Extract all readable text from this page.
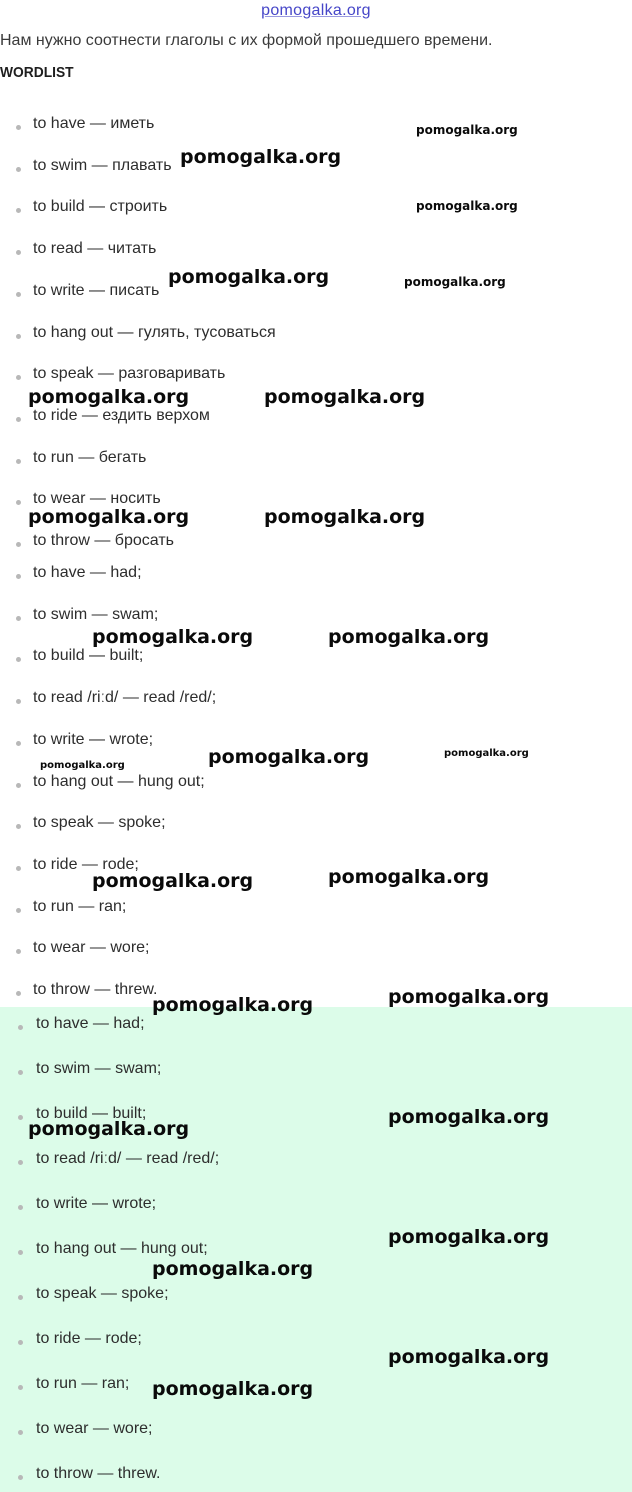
pomogalka.org
Нам нужно соотнести глаголы с их формой прошедшего времени.
WORDLIST
to have — иметь
to swim — плавать
to build — строить
to read — читать
to write — писать
to hang out — гулять, тусоваться
to speak — разговаривать
to ride — ездить верхом
to run — бегать
to wear — носить
to throw — бросать
to have — had;
to swim — swam;
to build — built;
to read /riːd/ — read /red/;
to write — wrote;
to hang out — hung out;
to speak — spoke;
to ride — rode;
to run — ran;
to wear — wore;
to throw — threw.
to have — had;
to swim — swam;
to build — built;
to read /riːd/ — read /red/;
to write — wrote;
to hang out — hung out;
to speak — spoke;
to ride — rode;
to run — ran;
to wear — wore;
to throw — threw.
pomogalka.org
pomogalka.org
pomogalka.org
pomogalka.org	pomogalka.org
pomogalka.org	pomogalka.org
pomogalka.org	pomogalka.org
pomogalka.org	pomogalka.org
pomogalka.org	pomogalka.org
pomogalka.org
pomogalka.org	pomogalka.org
pomogalka.org	pomogalka.org
pomogalka.org
pomogalka.org
pomogalka.org
pomogalka.org
pomogalka.org
pomogalka.org
